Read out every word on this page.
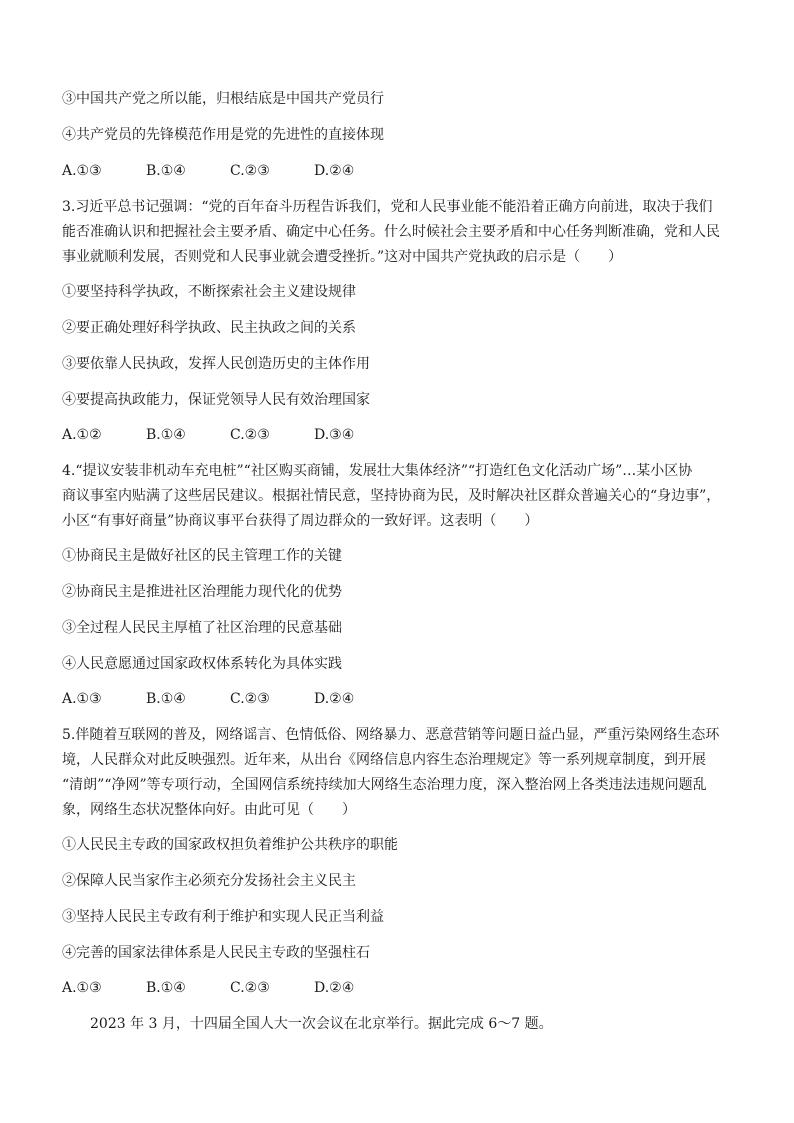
③中国共产党之所以能，归根结底是中国共产党员行

④共产党员的先锋模范作用是党的先进性的直接体现

A.①③	B.①④	C.②③	D.②④

3.习近平总书记强调：“党的百年奋斗历程告诉我们，党和人民事业能不能沿着正确方向前进，取决于我们

能否准确认识和把握社会主要矛盾、确定中心任务。什么时候社会主要矛盾和中心任务判断准确，党和人民

事业就顺利发展，否则党和人民事业就会遭受挫折。”这对中国共产党执政的启示是（　　）

①要坚持科学执政，不断探索社会主义建设规律

②要正确处理好科学执政、民主执政之间的关系

③要依靠人民执政，发挥人民创造历史的主体作用

④要提高执政能力，保证党领导人民有效治理国家

A.①②	B.①④	C.②③	D.③④

4.“提议安装非机动车充电桩”“社区购买商铺，发展壮大集体经济”“打造红色文化活动广场”…某小区协

商议事室内贴满了这些居民建议。根据社情民意，坚持协商为民，及时解决社区群众普遍关心的“身边事”，

小区“有事好商量”协商议事平台获得了周边群众的一致好评。这表明（　　）

①协商民主是做好社区的民主管理工作的关键

②协商民主是推进社区治理能力现代化的优势

③全过程人民民主厚植了社区治理的民意基础

④人民意愿通过国家政权体系转化为具体实践

A.①③	B.①④	C.②③	D.②④

5.伴随着互联网的普及，网络谣言、色情低俗、网络暴力、恶意营销等问题日益凸显，严重污染网络生态环

境，人民群众对此反映强烈。近年来，从出台《网络信息内容生态治理规定》等一系列规章制度，到开展

“清朗”“净网”等专项行动，全国网信系统持续加大网络生态治理力度，深入整治网上各类违法违规问题乱

象，网络生态状况整体向好。由此可见（　　）

①人民民主专政的国家政权担负着维护公共秩序的职能

②保障人民当家作主必须充分发扬社会主义民主

③坚持人民民主专政有利于维护和实现人民正当利益

④完善的国家法律体系是人民民主专政的坚强柱石

A.①③	B.①④	C.②③	D.②④

2023 年 3 月，十四届全国人大一次会议在北京举行。据此完成 6～7 题。
